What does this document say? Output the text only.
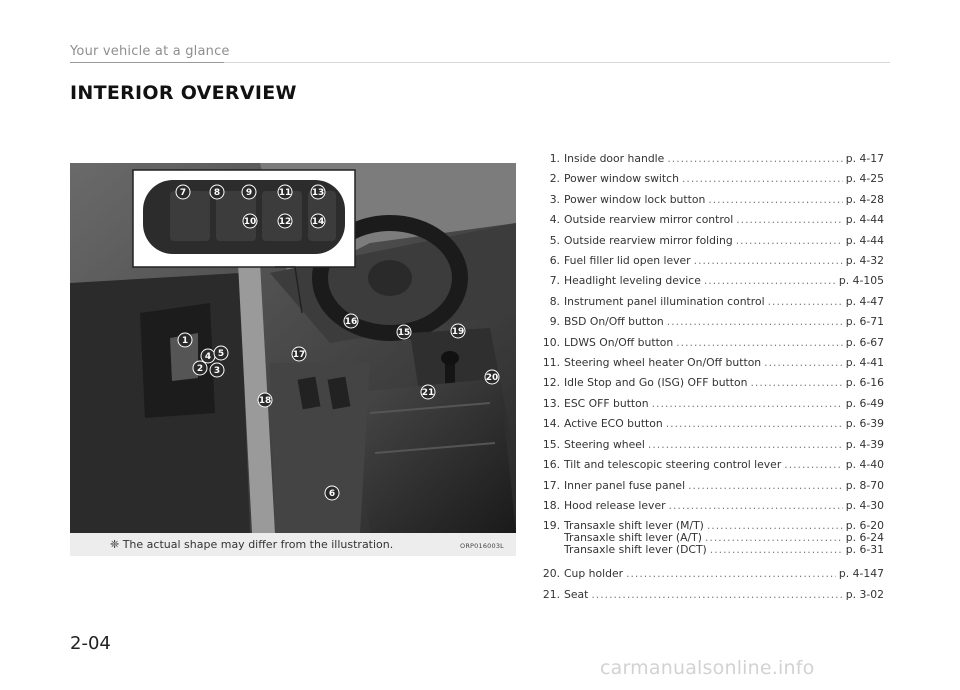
Your vehicle at a glance
INTERIOR OVERVIEW
7	8	9	11 13
10 12 14
1
2 3
4 5
6
16
17
18
15	19
20
21
❈ The actual shape may differ from the illustration.	ORP016003L
1. Inside door handle .....	p. 4-17
2. Power window switch .....	p. 4-25
3. Power window lock button .....	p. 4-28
4. Outside rearview mirror control .....	p. 4-44
5. Outside rearview mirror folding .....	p. 4-44
6. Fuel filler lid open lever .....	p. 4-32
7. Headlight leveling device .....	p. 4-105
8. Instrument panel illumination control .....	p. 4-47
9. BSD On/Off button .....	p. 6-71
10. LDWS On/Off button .....	p. 6-67
11. Steering wheel heater On/Off button .....	p. 4-41
12. Idle Stop and Go (ISG) OFF button .....	p. 6-16
13. ESC OFF button .....	p. 6-49
14. Active ECO button .....	p. 6-39
15. Steering wheel .....	p. 4-39
16. Tilt and telescopic steering control lever .....	p. 4-40
17. Inner panel fuse panel .....	p. 8-70
18. Hood release lever .....	p. 4-30
19. Transaxle shift lever (M/T) .....	p. 6-20
Transaxle shift lever (A/T) .....	p. 6-24
Transaxle shift lever (DCT) .....	p. 6-31
20. Cup holder .....	p. 4-147
21. Seat .....	p. 3-02
2-04
carmanualsonline.info
